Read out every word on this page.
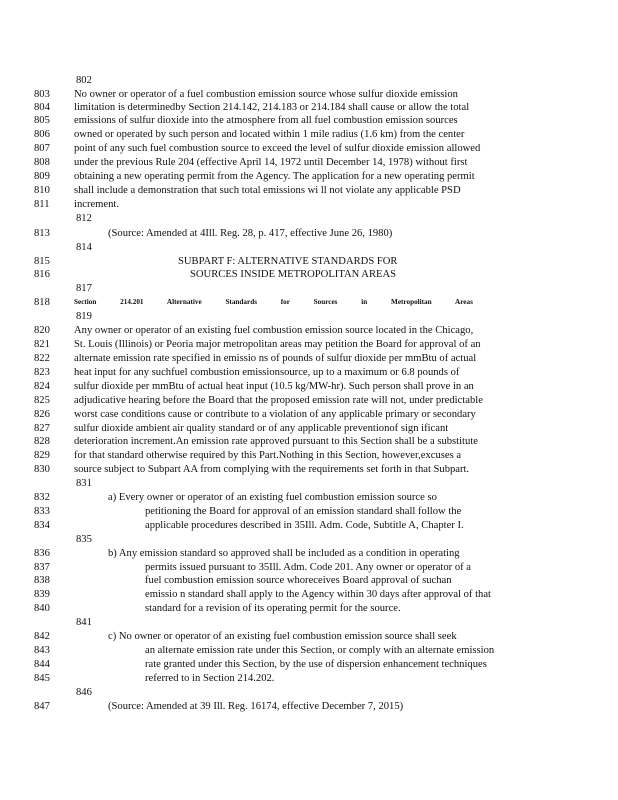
803
804
805
806
807
808
809
810
811
813
815
816
818
820
821
822
823
824
825
826
827
828
829
830
832
833
834
836
837
838
839
840
842
843
844
845
847
802
No owner or operator of a fuel combustion emission source whose sulfur dioxide emission
limitation is determinedby Section 214.142, 214.183 or 214.184 shall cause or allow the total
emissions of sulfur dioxide into the atmosphere from all fuel combustion emission sources
owned or operated by such person and located within 1 mile radius (1.6 km) from the center
point of any such fuel combustion source to exceed the level of sulfur dioxide emission allowed
under the previous Rule 204 (effective April 14, 1972 until December 14, 1978) without first
obtaining a new operating permit from the Agency. The application for a new operating permit
shall include a demonstration that such total emissions wi ll not violate any applicable PSD
increment.
812
(Source: Amended at 4Ill. Reg. 28, p. 417, effective June 26, 1980)
814
SUBPART F: ALTERNATIVE STANDARDS FOR
SOURCES INSIDE METROPOLITAN AREAS
817
Section 214.201 Alternative Standards for Sources in Metropolitan Areas
819
Any owner or operator of an existing fuel combustion emission source located in the Chicago,
St. Louis (Illinois) or Peoria major metropolitan areas may petition the Board for approval of an
alternate emission rate specified in emissio ns of pounds of sulfur dioxide per mmBtu of actual
heat input for any suchfuel combustion emissionsource, up to a maximum or 6.8 pounds of
sulfur dioxide per mmBtu of actual heat input (10.5 kg/MW-hr). Such person shall prove in an
adjudicative hearing before the Board that the proposed emission rate will not, under predictable
worst case conditions cause or contribute to a violation of any applicable primary or secondary
sulfur dioxide ambient air quality standard or of any applicable preventionof sign ificant
deterioration increment.An emission rate approved pursuant to this Section shall be a substitute
for that standard otherwise required by this Part.Nothing in this Section, however,excuses a
source subject to Subpart AA from complying with the requirements set forth in that Subpart.
831
a) Every owner or operator of an existing fuel combustion emission source so
petitioning the Board for approval of an emission standard shall follow the
applicable procedures described in 35Ill. Adm. Code, Subtitle A, Chapter I.
835
b) Any emission standard so approved shall be included as a condition in operating
permits issued pursuant to 35Ill. Adm. Code 201. Any owner or operator of a
fuel combustion emission source whoreceives Board approval of suchan
emissio n standard shall apply to the Agency within 30 days after approval of that
standard for a revision of its operating permit for the source.
841
c) No owner or operator of an existing fuel combustion emission source shall seek
an alternate emission rate under this Section, or comply with an alternate emission
rate granted under this Section, by the use of dispersion enhancement techniques
referred to in Section 214.202.
846
(Source: Amended at 39 Ill. Reg. 16174, effective December 7, 2015)
